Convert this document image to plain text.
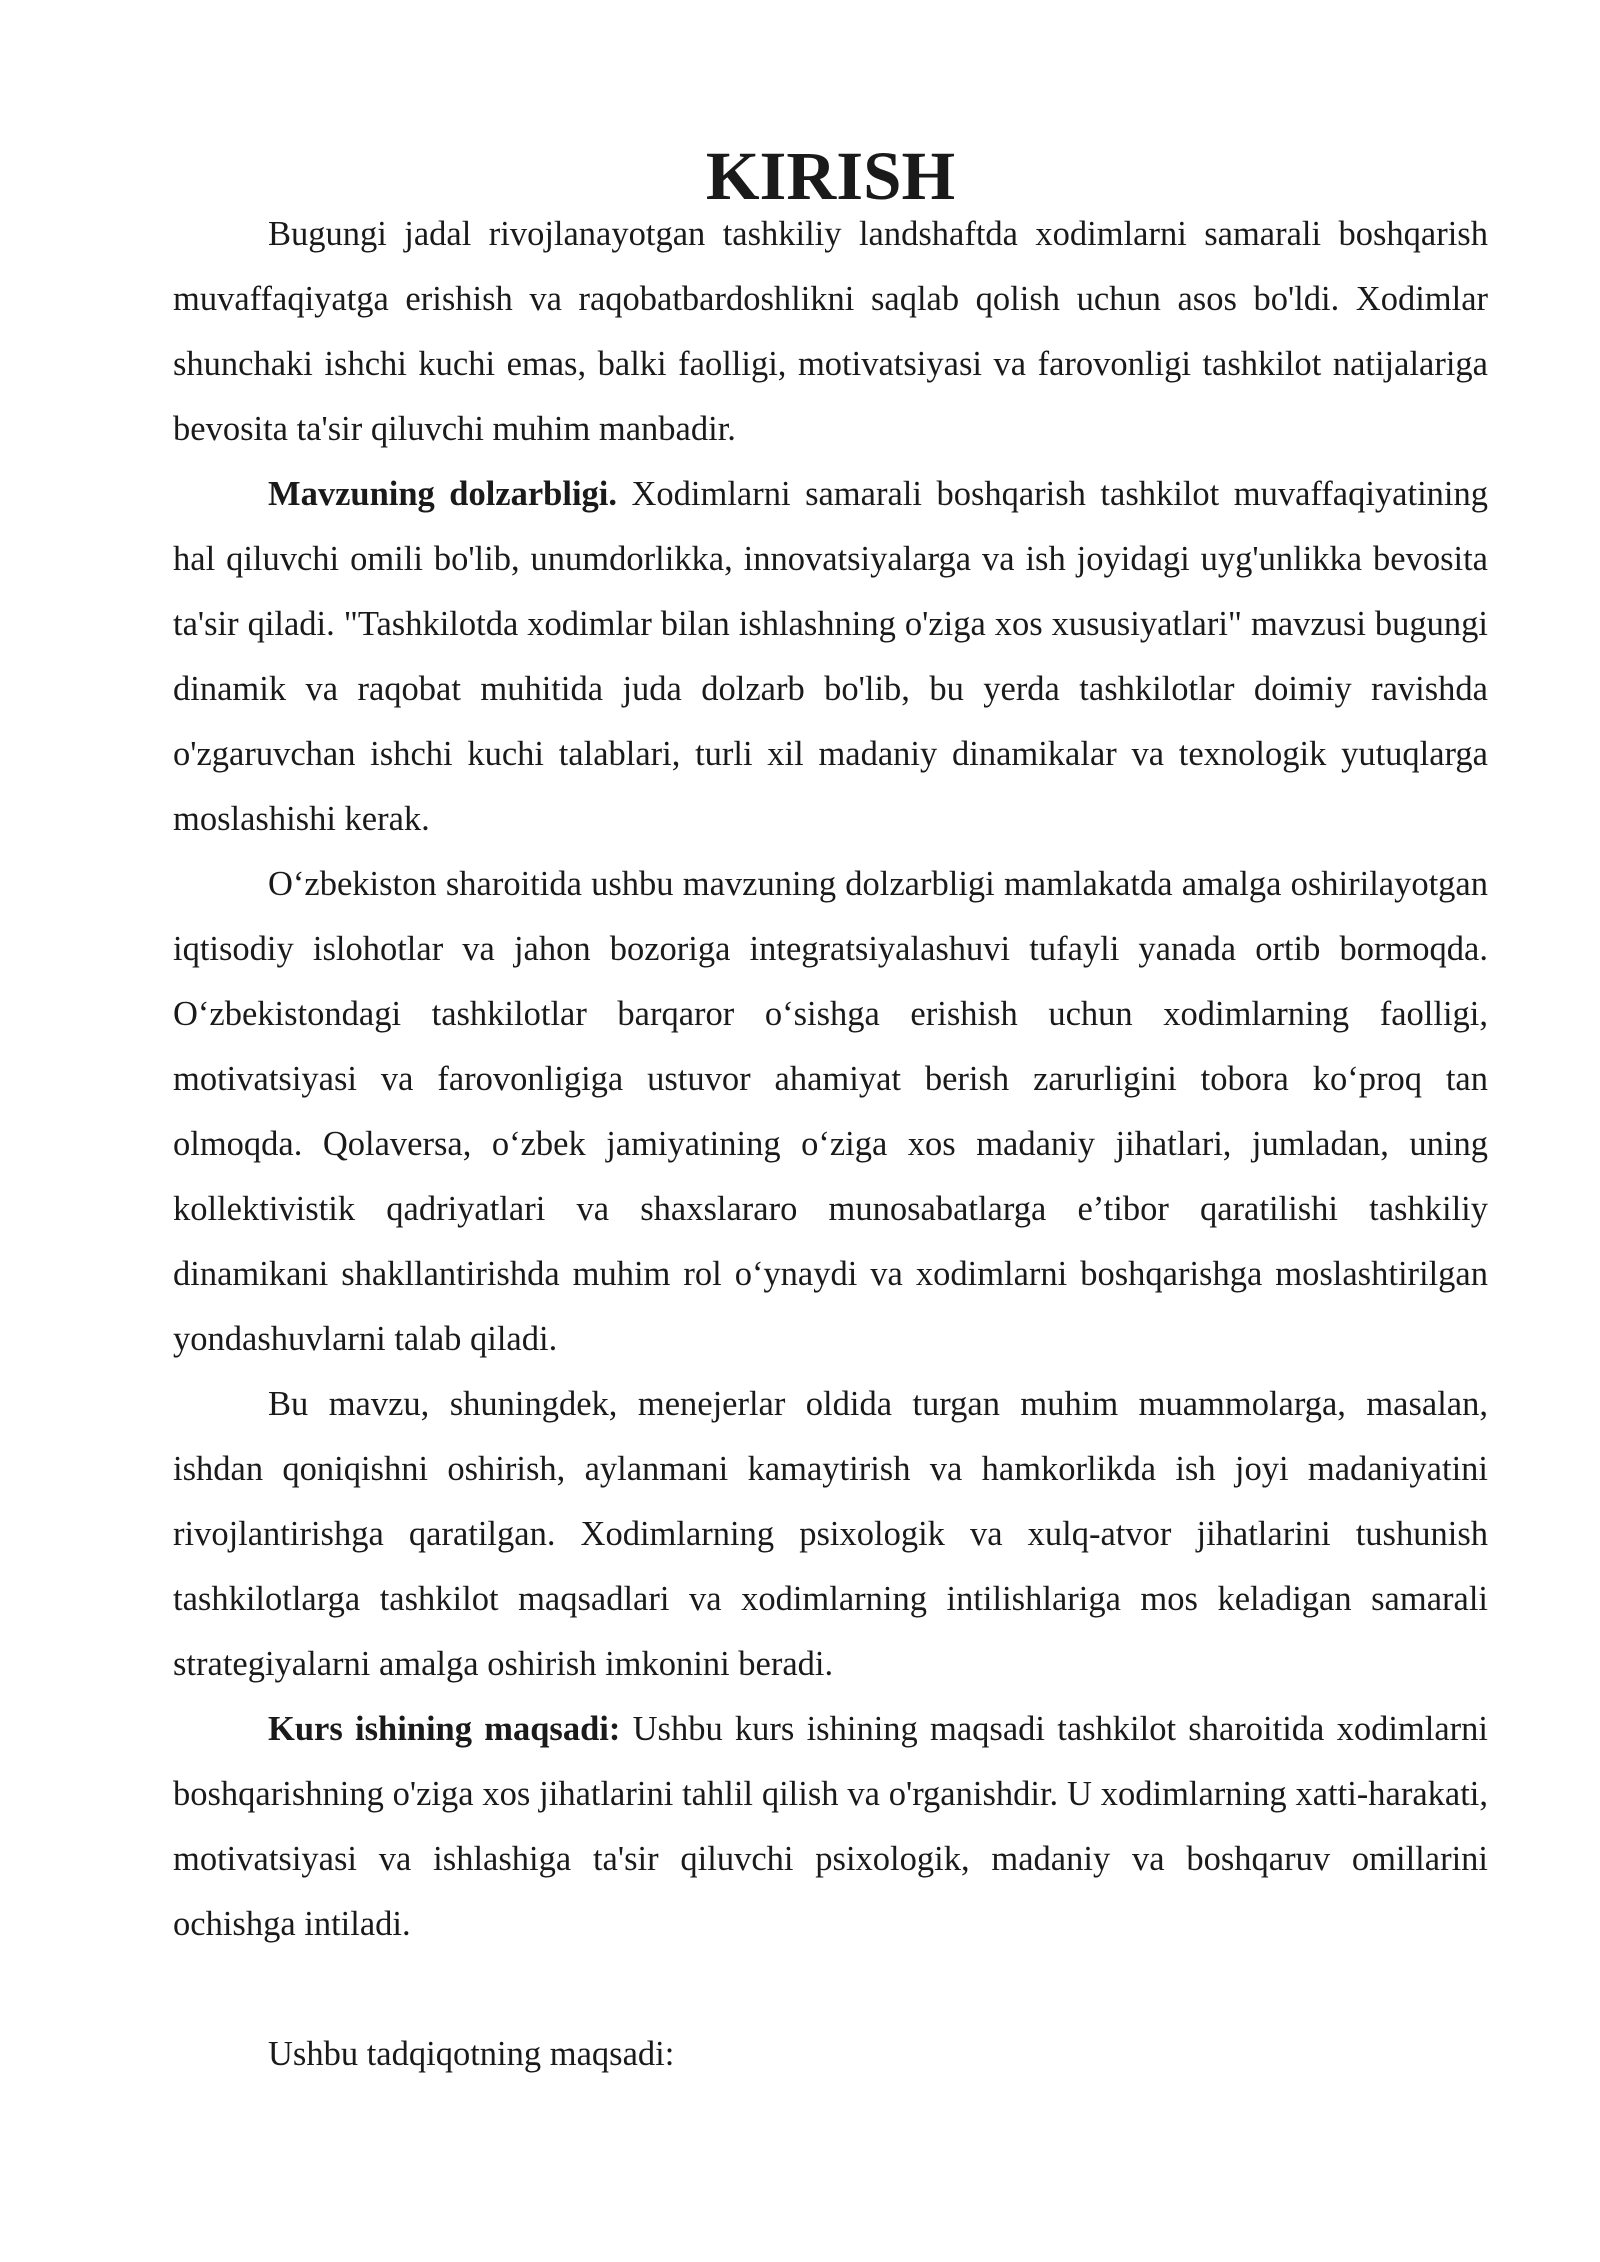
KIRISH

Bugungi jadal rivojlanayotgan tashkiliy landshaftda xodimlarni samarali boshqarish muvaffaqiyatga erishish va raqobatbardoshlikni saqlab qolish uchun asos bo'ldi. Xodimlar shunchaki ishchi kuchi emas, balki faolligi, motivatsiyasi va farovonligi tashkilot natijalariga bevosita ta'sir qiluvchi muhim manbadir.

Mavzuning dolzarbligi. Xodimlarni samarali boshqarish tashkilot muvaffaqiyatining hal qiluvchi omili bo'lib, unumdorlikka, innovatsiyalarga va ish joyidagi uyg'unlikka bevosita ta'sir qiladi. "Tashkilotda xodimlar bilan ishlashning o'ziga xos xususiyatlari" mavzusi bugungi dinamik va raqobat muhitida juda dolzarb bo'lib, bu yerda tashkilotlar doimiy ravishda o'zgaruvchan ishchi kuchi talablari, turli xil madaniy dinamikalar va texnologik yutuqlarga moslashishi kerak.

O‘zbekiston sharoitida ushbu mavzuning dolzarbligi mamlakatda amalga oshirilayotgan iqtisodiy islohotlar va jahon bozoriga integratsiyalashuvi tufayli yanada ortib bormoqda. O‘zbekistondagi tashkilotlar barqaror o‘sishga erishish uchun xodimlarning faolligi, motivatsiyasi va farovonligiga ustuvor ahamiyat berish zarurligini tobora ko‘proq tan olmoqda. Qolaversa, o‘zbek jamiyatining o‘ziga xos madaniy jihatlari, jumladan, uning kollektivistik qadriyatlari va shaxslararo munosabatlarga e’tibor qaratilishi tashkiliy dinamikani shakllantirishda muhim rol o‘ynaydi va xodimlarni boshqarishga moslashtirilgan yondashuvlarni talab qiladi.

Bu mavzu, shuningdek, menejerlar oldida turgan muhim muammolarga, masalan, ishdan qoniqishni oshirish, aylanmani kamaytirish va hamkorlikda ish joyi madaniyatini rivojlantirishga qaratilgan. Xodimlarning psixologik va xulq-atvor jihatlarini tushunish tashkilotlarga tashkilot maqsadlari va xodimlarning intilishlariga mos keladigan samarali strategiyalarni amalga oshirish imkonini beradi.

Kurs ishining maqsadi: Ushbu kurs ishining maqsadi tashkilot sharoitida xodimlarni boshqarishning o'ziga xos jihatlarini tahlil qilish va o'rganishdir. U xodimlarning xatti-harakati, motivatsiyasi va ishlashiga ta'sir qiluvchi psixologik, madaniy va boshqaruv omillarini ochishga intiladi.

Ushbu tadqiqotning maqsadi:
